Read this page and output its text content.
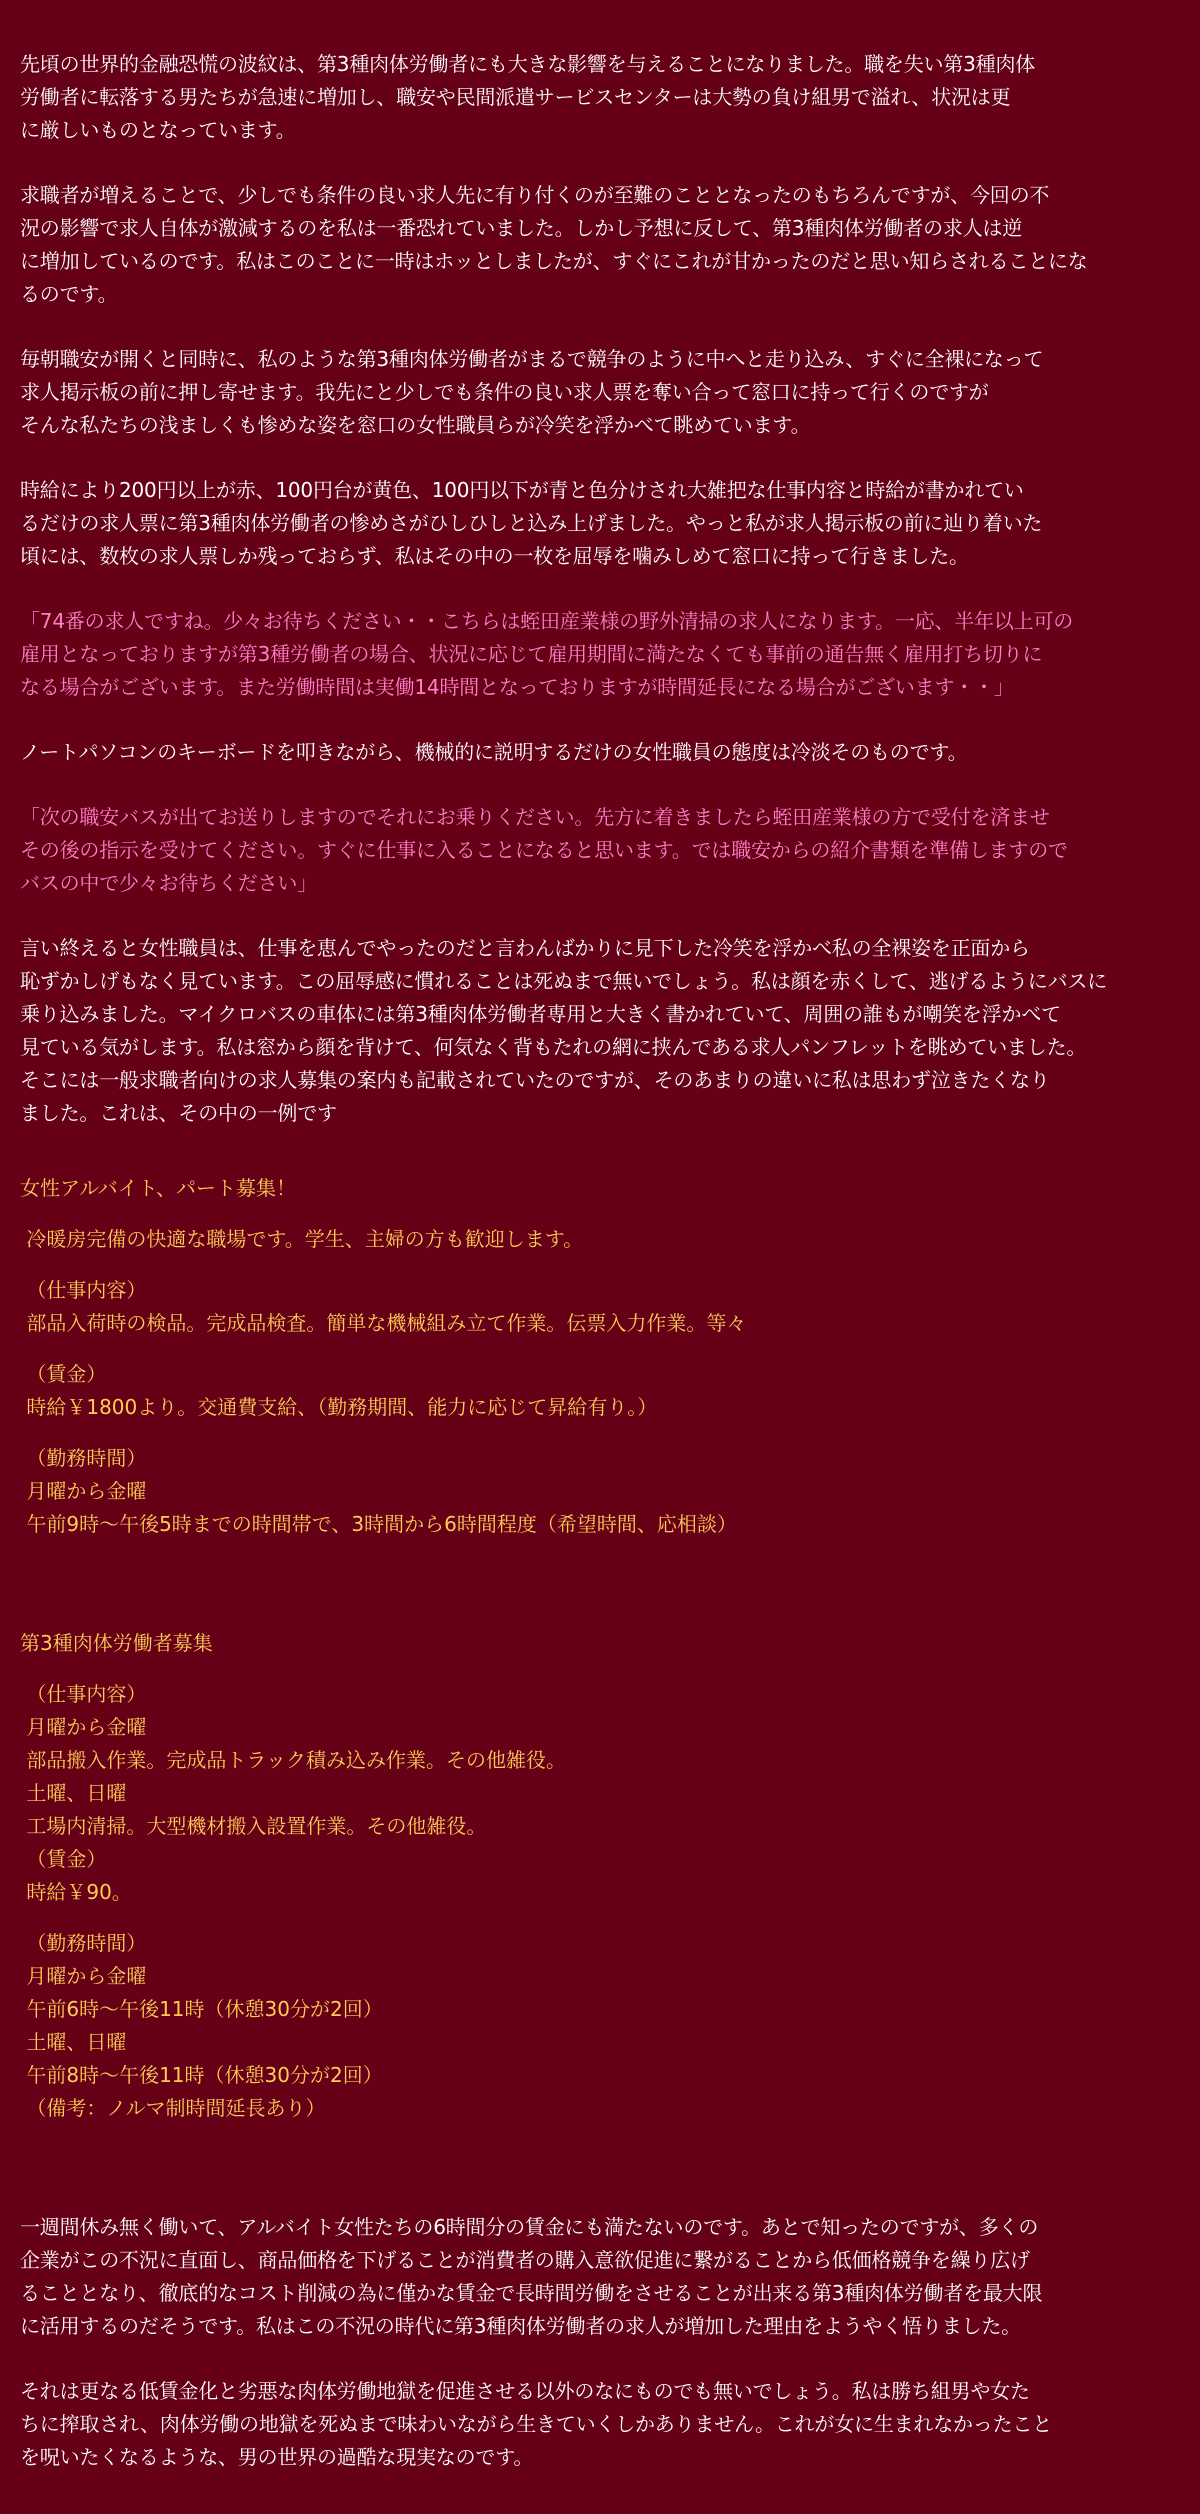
先頃の世界的金融恐慌の波紋は、第3種肉体労働者にも大きな影響を与えることになりました。職を失い第3種肉体
労働者に転落する男たちが急速に増加し、職安や民間派遣サービスセンターは大勢の負け組男で溢れ、状況は更
に厳しいものとなっています。

求職者が増えることで、少しでも条件の良い求人先に有り付くのが至難のこととなったのもちろんですが、今回の不
況の影響で求人自体が激減するのを私は一番恐れていました。しかし予想に反して、第3種肉体労働者の求人は逆
に増加しているのです。私はこのことに一時はホッとしましたが、すぐにこれが甘かったのだと思い知らされることにな
るのです。

毎朝職安が開くと同時に、私のような第3種肉体労働者がまるで競争のように中へと走り込み、すぐに全裸になって
求人掲示板の前に押し寄せます。我先にと少しでも条件の良い求人票を奪い合って窓口に持って行くのですが
そんな私たちの浅ましくも惨めな姿を窓口の女性職員らが冷笑を浮かべて眺めています。

時給により200円以上が赤、100円台が黄色、100円以下が青と色分けされ大雑把な仕事内容と時給が書かれてい
るだけの求人票に第3種肉体労働者の惨めさがひしひしと込み上げました。やっと私が求人掲示板の前に辿り着いた
頃には、数枚の求人票しか残っておらず、私はその中の一枚を屈辱を噛みしめて窓口に持って行きました。

「74番の求人ですね。少々お待ちください・・こちらは蛭田産業様の野外清掃の求人になります。一応、半年以上可の
雇用となっておりますが第3種労働者の場合、状況に応じて雇用期間に満たなくても事前の通告無く雇用打ち切りに
なる場合がございます。また労働時間は実働14時間となっておりますが時間延長になる場合がございます・・」

ノートパソコンのキーボードを叩きながら、機械的に説明するだけの女性職員の態度は冷淡そのものです。

「次の職安バスが出てお送りしますのでそれにお乗りください。先方に着きましたら蛭田産業様の方で受付を済ませ
その後の指示を受けてください。すぐに仕事に入ることになると思います。では職安からの紹介書類を準備しますので
バスの中で少々お待ちください」

言い終えると女性職員は、仕事を恵んでやったのだと言わんばかりに見下した冷笑を浮かべ私の全裸姿を正面から
恥ずかしげもなく見ています。この屈辱感に慣れることは死ぬまで無いでしょう。私は顔を赤くして、逃げるようにバスに
乗り込みました。マイクロバスの車体には第3種肉体労働者専用と大きく書かれていて、周囲の誰もが嘲笑を浮かべて
見ている気がします。私は窓から顔を背けて、何気なく背もたれの網に挟んである求人パンフレットを眺めていました。
そこには一般求職者向けの求人募集の案内も記載されていたのですが、そのあまりの違いに私は思わず泣きたくなり
ました。これは、その中の一例です

女性アルバイト、パート募集！
冷暖房完備の快適な職場です。学生、主婦の方も歓迎します。
（仕事内容）
部品入荷時の検品。完成品検査。簡単な機械組み立て作業。伝票入力作業。等々
（賃金）
時給￥1800より。交通費支給、（勤務期間、能力に応じて昇給有り。）
（勤務時間）
月曜から金曜
午前9時～午後5時までの時間帯で、3時間から6時間程度（希望時間、応相談）
第3種肉体労働者募集
（仕事内容）
月曜から金曜
部品搬入作業。完成品トラック積み込み作業。その他雑役。
土曜、日曜
工場内清掃。大型機材搬入設置作業。その他雑役。
（賃金）
時給￥90。
（勤務時間）
月曜から金曜
午前6時～午後11時（休憩30分が2回）
土曜、日曜
午前8時～午後11時（休憩30分が2回）
（備考：ノルマ制時間延長あり）

一週間休み無く働いて、アルバイト女性たちの6時間分の賃金にも満たないのです。あとで知ったのですが、多くの
企業がこの不況に直面し、商品価格を下げることが消費者の購入意欲促進に繋がることから低価格競争を繰り広げ
ることとなり、徹底的なコスト削減の為に僅かな賃金で長時間労働をさせることが出来る第3種肉体労働者を最大限
に活用するのだそうです。私はこの不況の時代に第3種肉体労働者の求人が増加した理由をようやく悟りました。

それは更なる低賃金化と劣悪な肉体労働地獄を促進させる以外のなにものでも無いでしょう。私は勝ち組男や女た
ちに搾取され、肉体労働の地獄を死ぬまで味わいながら生きていくしかありません。これが女に生まれなかったこと
を呪いたくなるような、男の世界の過酷な現実なのです。
